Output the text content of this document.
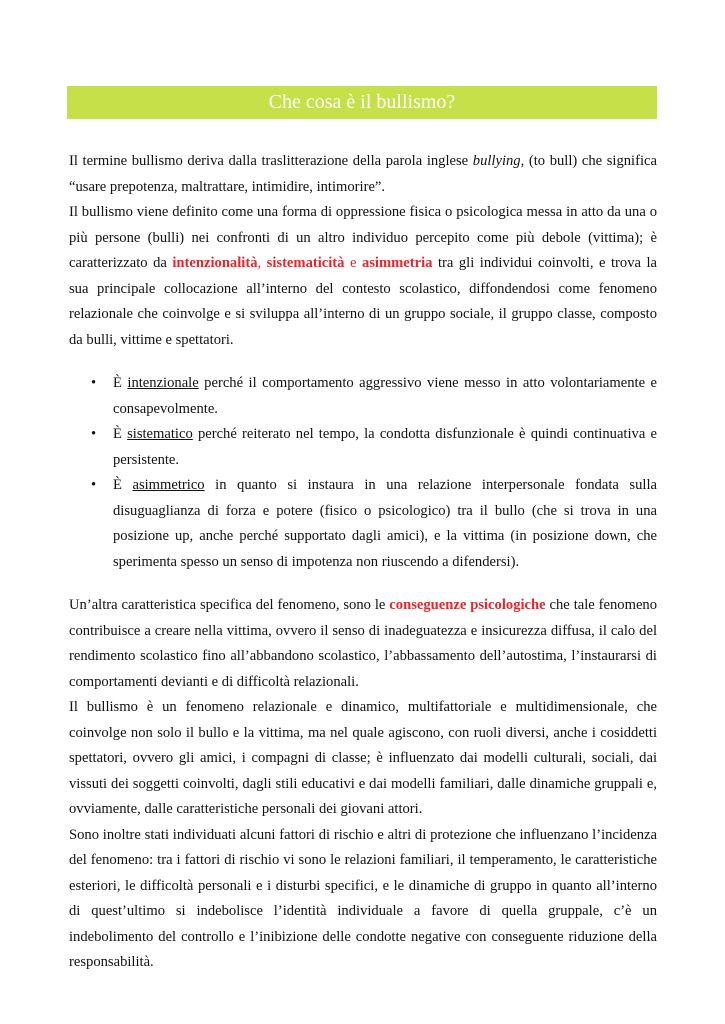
Che cosa è il bullismo?

Il termine bullismo deriva dalla traslitterazione della parola inglese bullying, (to bull) che significa “usare prepotenza, maltrattare, intimidire, intimorire”.

Il bullismo viene definito come una forma di oppressione fisica o psicologica messa in atto da una o più persone (bulli) nei confronti di un altro individuo percepito come più debole (vittima); è caratterizzato da intenzionalità, sistematicità e asimmetria tra gli individui coinvolti, e trova la sua principale collocazione all’interno del contesto scolastico, diffondendosi come fenomeno relazionale che coinvolge e si sviluppa all’interno di un gruppo sociale, il gruppo classe, composto da bulli, vittime e spettatori.

• È intenzionale perché il comportamento aggressivo viene messo in atto volontariamente e consapevolmente.
• È sistematico perché reiterato nel tempo, la condotta disfunzionale è quindi continuativa e persistente.
• È asimmetrico in quanto si instaura in una relazione interpersonale fondata sulla disuguaglianza di forza e potere (fisico o psicologico) tra il bullo (che si trova in una posizione up, anche perché supportato dagli amici), e la vittima (in posizione down, che sperimenta spesso un senso di impotenza non riuscendo a difendersi).

Un’altra caratteristica specifica del fenomeno, sono le conseguenze psicologiche che tale fenomeno contribuisce a creare nella vittima, ovvero il senso di inadeguatezza e insicurezza diffusa, il calo del rendimento scolastico fino all’abbandono scolastico, l’abbassamento dell’autostima, l’instaurarsi di comportamenti devianti e di difficoltà relazionali.

Il bullismo è un fenomeno relazionale e dinamico, multifattoriale e multidimensionale, che coinvolge non solo il bullo e la vittima, ma nel quale agiscono, con ruoli diversi, anche i cosiddetti spettatori, ovvero gli amici, i compagni di classe; è influenzato dai modelli culturali, sociali, dai vissuti dei soggetti coinvolti, dagli stili educativi e dai modelli familiari, dalle dinamiche gruppali e, ovviamente, dalle caratteristiche personali dei giovani attori.

Sono inoltre stati individuati alcuni fattori di rischio e altri di protezione che influenzano l’incidenza del fenomeno: tra i fattori di rischio vi sono le relazioni familiari, il temperamento, le caratteristiche esteriori, le difficoltà personali e i disturbi specifici, e le dinamiche di gruppo in quanto all’interno di quest’ultimo si indebolisce l’identità individuale a favore di quella gruppale, c’è un indebolimento del controllo e l’inibizione delle condotte negative con conseguente riduzione della responsabilità.
